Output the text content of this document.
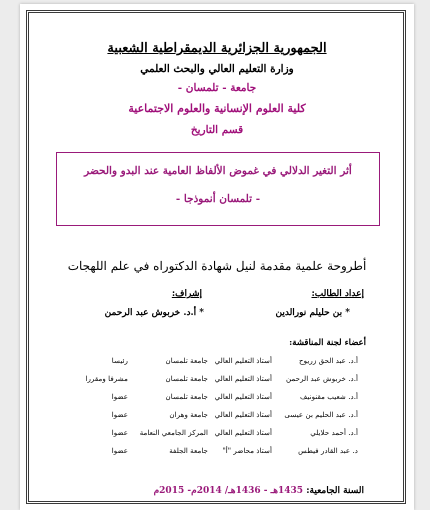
الجمهورية الجزائرية الديمقراطية الشعبية
وزارة التعليم العالي والبحث العلمي
جامعة - تلمسان -
كلية العلوم الإنسانية والعلوم الاجتماعية
قسم التاريخ
أثر التغير الدلالي في غموض الألفاظ العامية عند البدو والحضر
- تلمسان أنموذجا -
أطروحة علمية مقدمة لنيل شهادة الدكتوراه في علم اللهجات
إعداد الطالب:
* بن حليلم نورالدين
إشراف:
* أ.د. خربوش عبد الرحمن
أعضاء لجنة المناقشة:
أ.د. عبد الحق زريوح
أستاذ التعليم العالي
جامعة تلمسان
رئيسا
أ.د. خربوش عبد الرحمن
أستاذ التعليم العالي
جامعة تلمسان
مشرفا ومقررا
أ.د. شعيب مقنونيف
أستاذ التعليم العالي
جامعة تلمسان
عضوا
أ.د. عبد الحليم بن عيسى
أستاذ التعليم العالي
جامعة وهران
عضوا
أ.د. أحمد حلايلي
أستاذ التعليم العالي
المركز الجامعي النعامة
عضوا
د. عبد القادر فيطس
أستاذ محاضر "أ"
جامعة الجلفة
عضوا
السنة الجامعية: 1435هـ - 1436هـ/ 2014م- 2015م
